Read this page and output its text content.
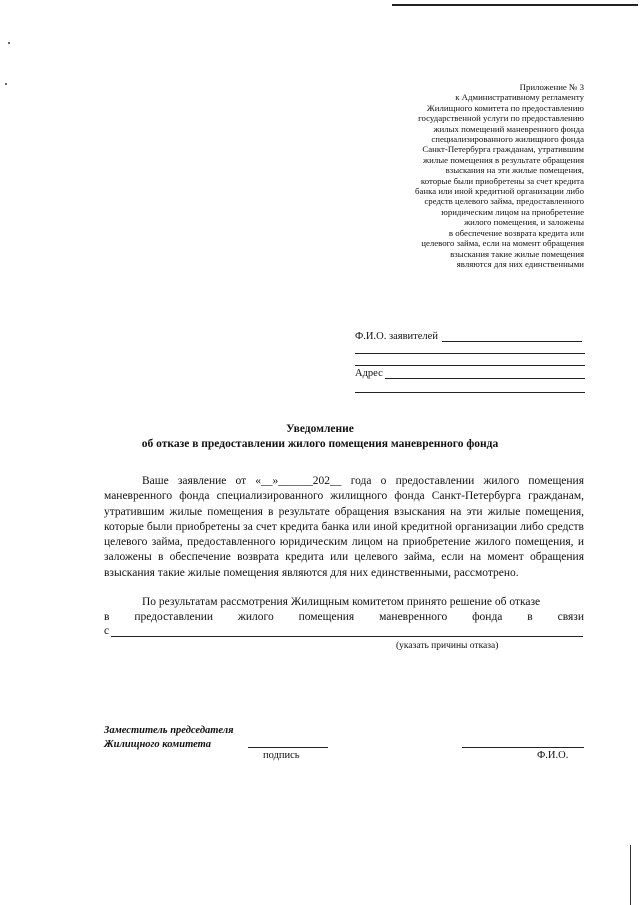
Приложение № 3
к Административному регламенту
Жилищного комитета по предоставлению
государственной услуги по предоставлению
жилых помещений маневренного фонда
специализированного жилищного фонда
Санкт-Петербурга гражданам, утратившим
жилые помещения в результате обращения
взыскания на эти жилые помещения,
которые были приобретены за счет кредита
банка или иной кредитной организации либо
средств целевого займа, предоставленного
юридическим лицом на приобретение
жилого помещения, и заложены
в обеспечение возврата кредита или
целевого займа, если на момент обращения
взыскания такие жилые помещения
являются для них единственными
Ф.И.О. заявителей
Адрес
Уведомление
об отказе в предоставлении жилого помещения маневренного фонда
Ваше заявление от «__»______202__ года о предоставлении жилого помещения маневренного фонда специализированного жилищного фонда Санкт-Петербурга гражданам, утратившим жилые помещения в результате обращения взыскания на эти жилые помещения, которые были приобретены за счет кредита банка или иной кредитной организации либо средств целевого займа, предоставленного юридическим лицом на приобретение жилого помещения, и заложены в обеспечение возврата кредита или целевого займа, если на момент обращения взыскания такие жилые помещения являются для них единственными, рассмотрено.
По результатам рассмотрения Жилищным комитетом принято решение об отказе
в предоставлении жилого помещения маневренного фонда в связи
с
(указать причины отказа)
Заместитель председателя
Жилищного комитета
подпись	Ф.И.О.
